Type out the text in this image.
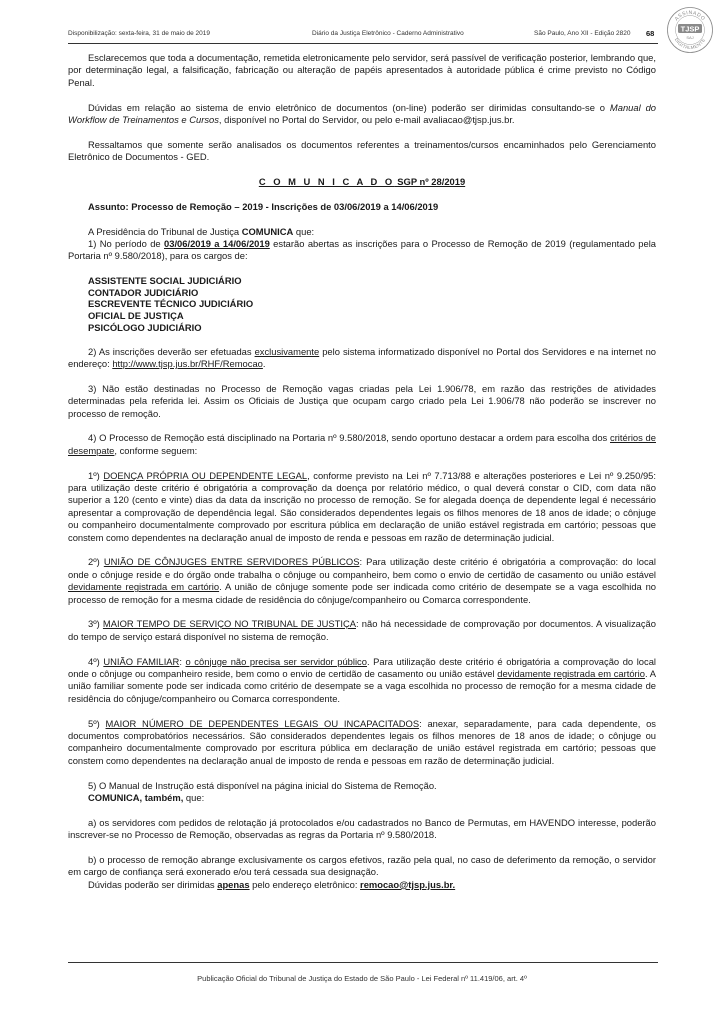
Disponibilização: sexta-feira, 31 de maio de 2019	Diário da Justiça Eletrônico - Caderno Administrativo	São Paulo, Ano XII - Edição 2820 68
ASSINADO
DIGITALMENTE
TJSP
SAJ

Esclarecemos que toda a documentação, remetida eletronicamente pelo servidor, será passível de verificação posterior, lembrando que, por determinação legal, a falsificação, fabricação ou alteração de papéis apresentados à autoridade pública é crime previsto no Código Penal.

Dúvidas em relação ao sistema de envio eletrônico de documentos (on-line) poderão ser dirimidas consultando-se o Manual do Workflow de Treinamentos e Cursos, disponível no Portal do Servidor, ou pelo e-mail avaliacao@tjsp.jus.br.

Ressaltamos que somente serão analisados os documentos referentes a treinamentos/cursos encaminhados pelo Gerenciamento Eletrônico de Documentos - GED.

C O M U N I C A D O SGP nº 28/2019

Assunto: Processo de Remoção – 2019 - Inscrições de 03/06/2019 a 14/06/2019

A Presidência do Tribunal de Justiça COMUNICA que:

1) No período de 03/06/2019 a 14/06/2019 estarão abertas as inscrições para o Processo de Remoção de 2019 (regulamentado pela Portaria nº 9.580/2018), para os cargos de:

ASSISTENTE SOCIAL JUDICIÁRIO
CONTADOR JUDICIÁRIO
ESCREVENTE TÉCNICO JUDICIÁRIO
OFICIAL DE JUSTIÇA
PSICÓLOGO JUDICIÁRIO

2) As inscrições deverão ser efetuadas exclusivamente pelo sistema informatizado disponível no Portal dos Servidores e na internet no endereço: http://www.tjsp.jus.br/RHF/Remocao.

3) Não estão destinadas no Processo de Remoção vagas criadas pela Lei 1.906/78, em razão das restrições de atividades determinadas pela referida lei. Assim os Oficiais de Justiça que ocupam cargo criado pela Lei 1.906/78 não poderão se inscrever no processo de remoção.

4) O Processo de Remoção está disciplinado na Portaria nº 9.580/2018, sendo oportuno destacar a ordem para escolha dos critérios de desempate, conforme seguem:

1º) DOENÇA PRÓPRIA OU DEPENDENTE LEGAL, conforme previsto na Lei nº 7.713/88 e alterações posteriores e Lei nº 9.250/95: para utilização deste critério é obrigatória a comprovação da doença por relatório médico, o qual deverá constar o CID, com data não superior a 120 (cento e vinte) dias da data da inscrição no processo de remoção. Se for alegada doença de dependente legal é necessário apresentar a comprovação de dependência legal. São considerados dependentes legais os filhos menores de 18 anos de idade; o cônjuge ou companheiro documentalmente comprovado por escritura pública em declaração de união estável registrada em cartório; pessoas que constem como dependentes na declaração anual de imposto de renda e pessoas em razão de determinação judicial.

2º) UNIÃO DE CÔNJUGES ENTRE SERVIDORES PÚBLICOS: Para utilização deste critério é obrigatória a comprovação: do local onde o cônjuge reside e do órgão onde trabalha o cônjuge ou companheiro, bem como o envio de certidão de casamento ou união estável devidamente registrada em cartório. A união de cônjuge somente pode ser indicada como critério de desempate se a vaga escolhida no processo de remoção for a mesma cidade de residência do cônjuge/companheiro ou Comarca correspondente.

3º) MAIOR TEMPO DE SERVIÇO NO TRIBUNAL DE JUSTIÇA: não há necessidade de comprovação por documentos. A visualização do tempo de serviço estará disponível no sistema de remoção.

4º) UNIÃO FAMILIAR: o cônjuge não precisa ser servidor público. Para utilização deste critério é obrigatória a comprovação do local onde o cônjuge ou companheiro reside, bem como o envio de certidão de casamento ou união estável devidamente registrada em cartório. A união familiar somente pode ser indicada como critério de desempate se a vaga escolhida no processo de remoção for a mesma cidade de residência do cônjuge/companheiro ou Comarca correspondente.

5º) MAIOR NÚMERO DE DEPENDENTES LEGAIS OU INCAPACITADOS: anexar, separadamente, para cada dependente, os documentos comprobatórios necessários. São considerados dependentes legais os filhos menores de 18 anos de idade; o cônjuge ou companheiro documentalmente comprovado por escritura pública em declaração de união estável registrada em cartório; pessoas que constem como dependentes na declaração anual de imposto de renda e pessoas em razão de determinação judicial.

5) O Manual de Instrução está disponível na página inicial do Sistema de Remoção.

COMUNICA, também, que:

a) os servidores com pedidos de relotação já protocolados e/ou cadastrados no Banco de Permutas, em HAVENDO interesse, poderão inscrever-se no Processo de Remoção, observadas as regras da Portaria nº 9.580/2018.

b) o processo de remoção abrange exclusivamente os cargos efetivos, razão pela qual, no caso de deferimento da remoção, o servidor em cargo de confiança será exonerado e/ou terá cessada sua designação.

Dúvidas poderão ser dirimidas apenas pelo endereço eletrônico: remocao@tjsp.jus.br.

Publicação Oficial do Tribunal de Justiça do Estado de São Paulo - Lei Federal nº 11.419/06, art. 4º
